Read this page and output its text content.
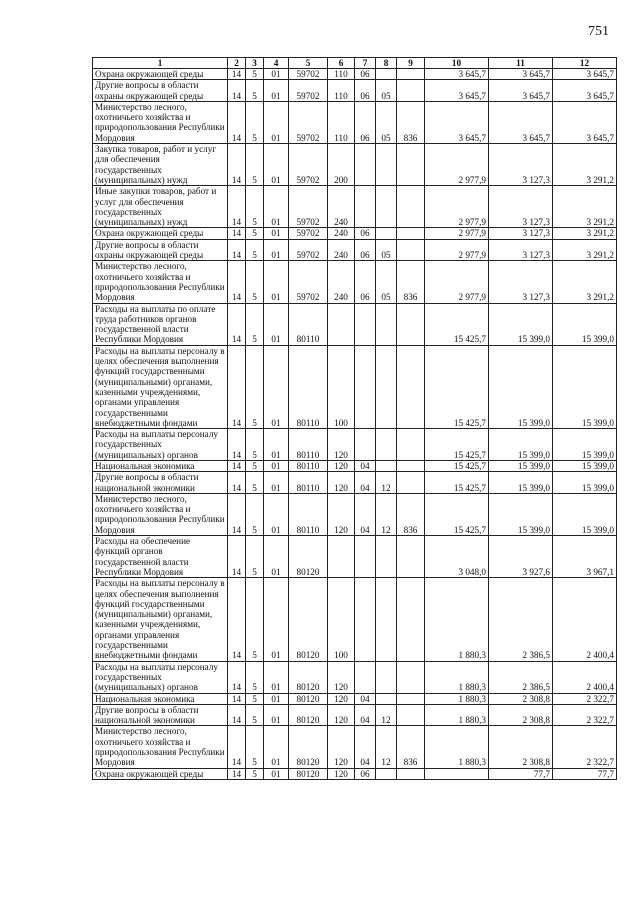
751
1	2	3	4	5	6	7	8	9	10	11	12
Охрана окружающей среды	14	5	01	59702	110	06			3 645,7	3 645,7	3 645,7
Другие вопросы в области охраны окружающей среды	14	5	01	59702	110	06	05		3 645,7	3 645,7	3 645,7
Министерство лесного, охотничьего хозяйства и природопользования Республики Мордовия	14	5	01	59702	110	06	05	836	3 645,7	3 645,7	3 645,7
Закупка товаров, работ и услуг для обеспечения государственных (муниципальных) нужд	14	5	01	59702	200				2 977,9	3 127,3	3 291,2
Иные закупки товаров, работ и услуг для обеспечения государственных (муниципальных) нужд	14	5	01	59702	240				2 977,9	3 127,3	3 291,2
Охрана окружающей среды	14	5	01	59702	240	06			2 977,9	3 127,3	3 291,2
Другие вопросы в области охраны окружающей среды	14	5	01	59702	240	06	05		2 977,9	3 127,3	3 291,2
Министерство лесного, охотничьего хозяйства и природопользования Республики Мордовия	14	5	01	59702	240	06	05	836	2 977,9	3 127,3	3 291,2
Расходы на выплаты по оплате труда работников органов государственной власти Республики Мордовия	14	5	01	80110					15 425,7	15 399,0	15 399,0
Расходы на выплаты персоналу в целях обеспечения выполнения функций государственными (муниципальными) органами, казенными учреждениями, органами управления государственными внебюджетными фондами	14	5	01	80110	100				15 425,7	15 399,0	15 399,0
Расходы на выплаты персоналу государственных (муниципальных) органов	14	5	01	80110	120				15 425,7	15 399,0	15 399,0
Национальная экономика	14	5	01	80110	120	04			15 425,7	15 399,0	15 399,0
Другие вопросы в области национальной экономики	14	5	01	80110	120	04	12		15 425,7	15 399,0	15 399,0
Министерство лесного, охотничьего хозяйства и природопользования Республики Мордовия	14	5	01	80110	120	04	12	836	15 425,7	15 399,0	15 399,0
Расходы на обеспечение функций органов государственной власти Республики Мордовия	14	5	01	80120					3 048,0	3 927,6	3 967,1
Расходы на выплаты персоналу в целях обеспечения выполнения функций государственными (муниципальными) органами, казенными учреждениями, органами управления государственными внебюджетными фондами	14	5	01	80120	100				1 880,3	2 386,5	2 400,4
Расходы на выплаты персоналу государственных (муниципальных) органов	14	5	01	80120	120				1 880,3	2 386,5	2 400,4
Национальная экономика	14	5	01	80120	120	04			1 880,3	2 308,8	2 322,7
Другие вопросы в области национальной экономики	14	5	01	80120	120	04	12		1 880,3	2 308,8	2 322,7
Министерство лесного, охотничьего хозяйства и природопользования Республики Мордовия	14	5	01	80120	120	04	12	836	1 880,3	2 308,8	2 322,7
Охрана окружающей среды	14	5	01	80120	120	06				77,7	77,7
